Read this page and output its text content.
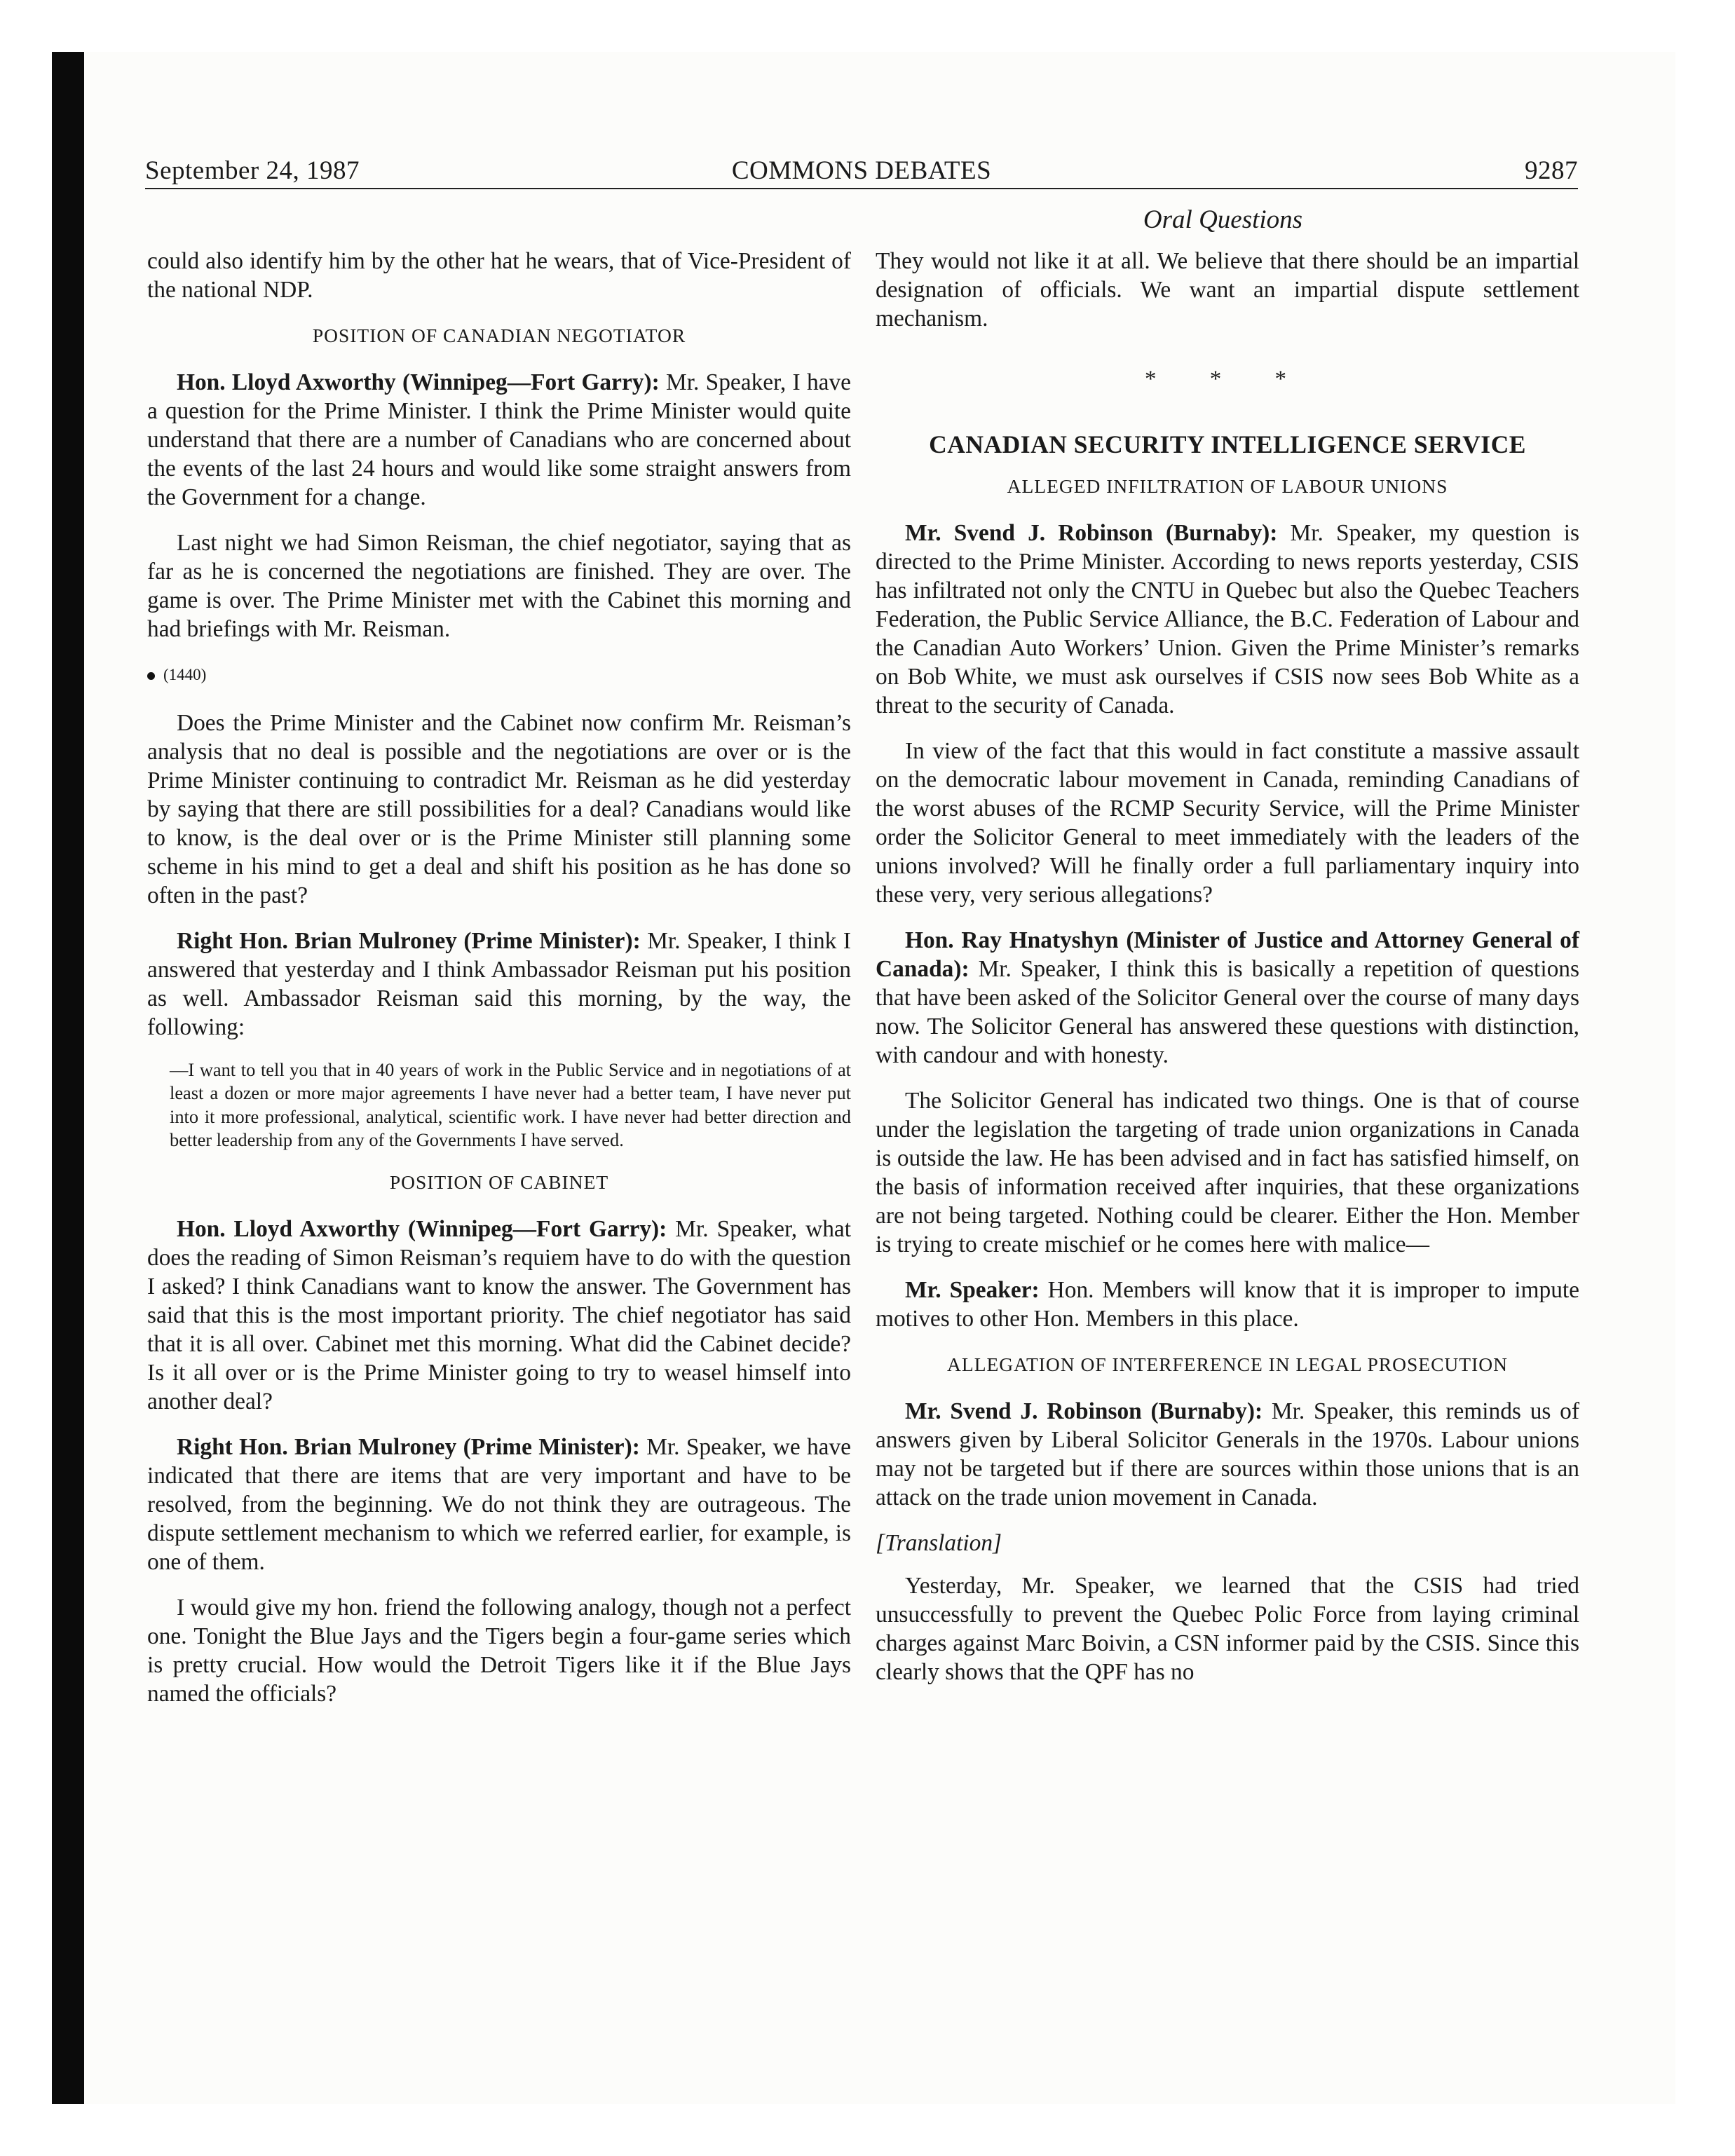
September 24, 1987	COMMONS DEBATES	9287
Oral Questions

could also identify him by the other hat he wears, that of Vice-President of the national NDP.

POSITION OF CANADIAN NEGOTIATOR

Hon. Lloyd Axworthy (Winnipeg—Fort Garry): Mr. Speaker, I have a question for the Prime Minister. I think the Prime Minister would quite understand that there are a number of Canadians who are concerned about the events of the last 24 hours and would like some straight answers from the Government for a change.

Last night we had Simon Reisman, the chief negotiator, saying that as far as he is concerned the negotiations are finished. They are over. The game is over. The Prime Minister met with the Cabinet this morning and had briefings with Mr. Reisman.

(1440)

Does the Prime Minister and the Cabinet now confirm Mr. Reisman’s analysis that no deal is possible and the negotiations are over or is the Prime Minister continuing to contradict Mr. Reisman as he did yesterday by saying that there are still possibilities for a deal? Canadians would like to know, is the deal over or is the Prime Minister still planning some scheme in his mind to get a deal and shift his position as he has done so often in the past?

Right Hon. Brian Mulroney (Prime Minister): Mr. Speaker, I think I answered that yesterday and I think Ambassador Reisman put his position as well. Ambassador Reisman said this morning, by the way, the following:

—I want to tell you that in 40 years of work in the Public Service and in negotiations of at least a dozen or more major agreements I have never had a better team, I have never put into it more professional, analytical, scientific work. I have never had better direction and better leadership from any of the Governments I have served.
POSITION OF CABINET

Hon. Lloyd Axworthy (Winnipeg—Fort Garry): Mr. Speaker, what does the reading of Simon Reisman’s requiem have to do with the question I asked? I think Canadians want to know the answer. The Government has said that this is the most important priority. The chief negotiator has said that it is all over. Cabinet met this morning. What did the Cabinet decide? Is it all over or is the Prime Minister going to try to weasel himself into another deal?

Right Hon. Brian Mulroney (Prime Minister): Mr. Speaker, we have indicated that there are items that are very important and have to be resolved, from the beginning. We do not think they are outrageous. The dispute settlement mechanism to which we referred earlier, for example, is one of them.

I would give my hon. friend the following analogy, though not a perfect one. Tonight the Blue Jays and the Tigers begin a four-game series which is pretty crucial. How would the Detroit Tigers like it if the Blue Jays named the officials?

They would not like it at all. We believe that there should be an impartial designation of officials. We want an impartial dispute settlement mechanism.

* * *
CANADIAN SECURITY INTELLIGENCE SERVICE
ALLEGED INFILTRATION OF LABOUR UNIONS

Mr. Svend J. Robinson (Burnaby): Mr. Speaker, my question is directed to the Prime Minister. According to news reports yesterday, CSIS has infiltrated not only the CNTU in Quebec but also the Quebec Teachers Federation, the Public Service Alliance, the B.C. Federation of Labour and the Canadian Auto Workers’ Union. Given the Prime Minister’s remarks on Bob White, we must ask ourselves if CSIS now sees Bob White as a threat to the security of Canada.

In view of the fact that this would in fact constitute a massive assault on the democratic labour movement in Canada, reminding Canadians of the worst abuses of the RCMP Security Service, will the Prime Minister order the Solicitor General to meet immediately with the leaders of the unions involved? Will he finally order a full parliamentary inquiry into these very, very serious allegations?

Hon. Ray Hnatyshyn (Minister of Justice and Attorney General of Canada): Mr. Speaker, I think this is basically a repetition of questions that have been asked of the Solicitor General over the course of many days now. The Solicitor General has answered these questions with distinction, with candour and with honesty.

The Solicitor General has indicated two things. One is that of course under the legislation the targeting of trade union organizations in Canada is outside the law. He has been advised and in fact has satisfied himself, on the basis of information received after inquiries, that these organizations are not being targeted. Nothing could be clearer. Either the Hon. Member is trying to create mischief or he comes here with malice—

Mr. Speaker: Hon. Members will know that it is improper to impute motives to other Hon. Members in this place.

ALLEGATION OF INTERFERENCE IN LEGAL PROSECUTION

Mr. Svend J. Robinson (Burnaby): Mr. Speaker, this reminds us of answers given by Liberal Solicitor Generals in the 1970s. Labour unions may not be targeted but if there are sources within those unions that is an attack on the trade union movement in Canada.

[Translation]

Yesterday, Mr. Speaker, we learned that the CSIS had tried unsuccessfully to prevent the Quebec Polic Force from laying criminal charges against Marc Boivin, a CSN informer paid by the CSIS. Since this clearly shows that the QPF has no
